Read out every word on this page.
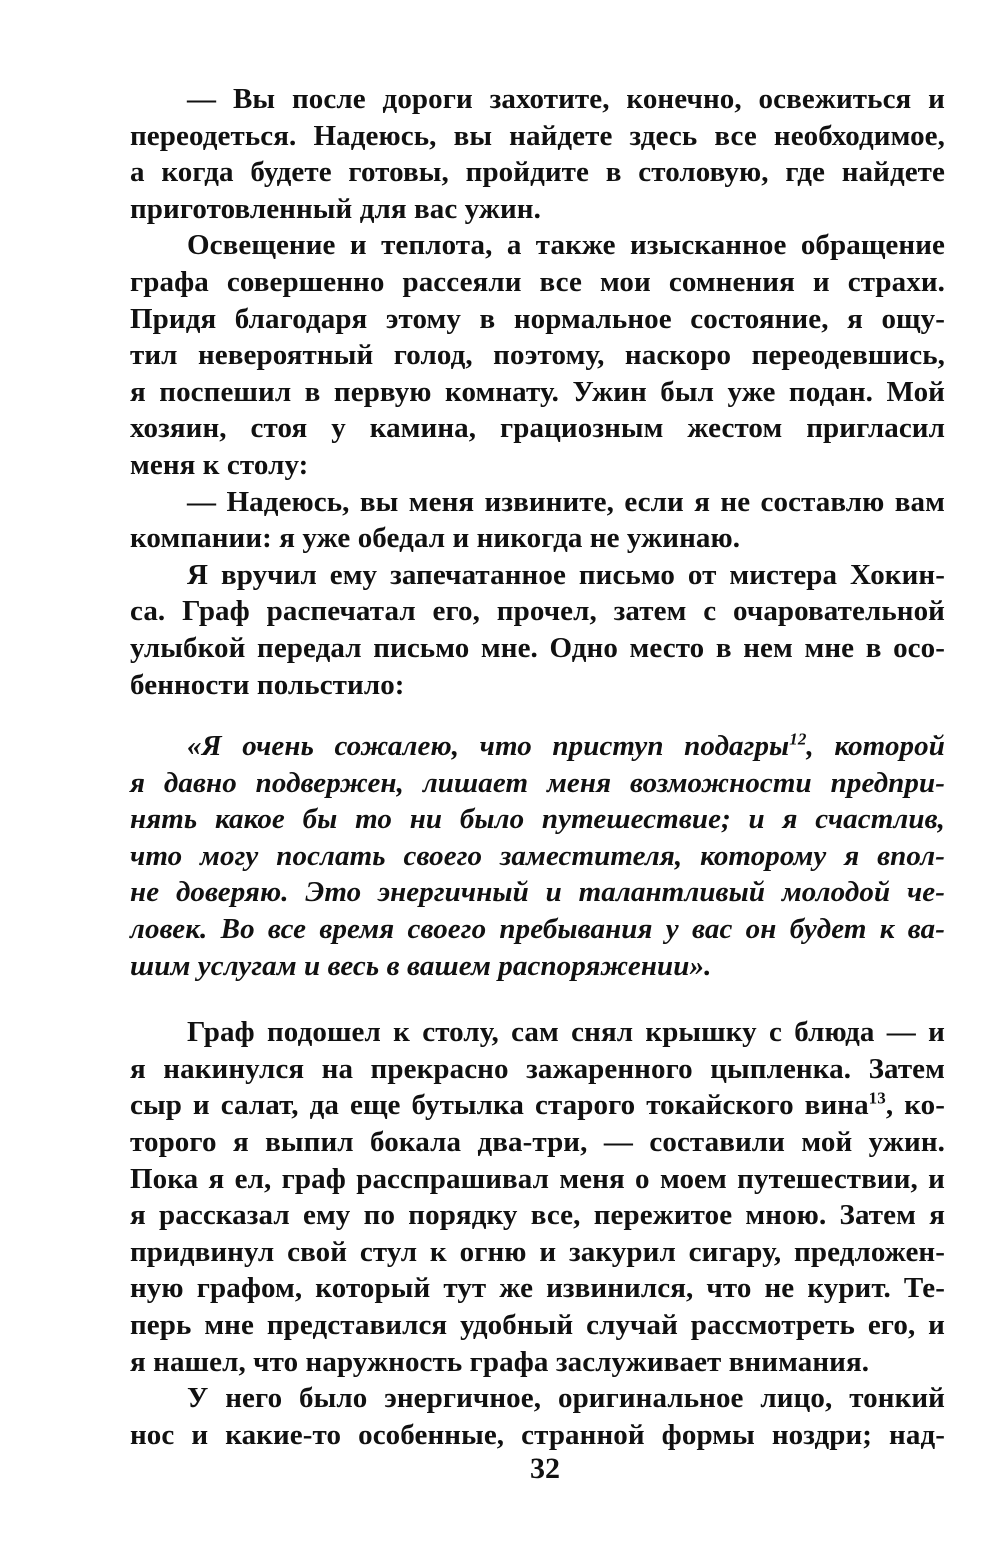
— Вы после дороги захотите, конечно, освежиться и
переодеться. Надеюсь, вы найдете здесь все необходимое,
а когда будете готовы, пройдите в столовую, где найдете
приготовленный для вас ужин.
Освещение и теплота, а также изысканное обращение
графа совершенно рассеяли все мои сомнения и страхи.
Придя благодаря этому в нормальное состояние, я ощу-
тил невероятный голод, поэтому, наскоро переодевшись,
я поспешил в первую комнату. Ужин был уже подан. Мой
хозяин, стоя у камина, грациозным жестом пригласил
меня к столу:
— Надеюсь, вы меня извините, если я не составлю вам
компании: я уже обедал и никогда не ужинаю.
Я вручил ему запечатанное письмо от мистера Хокин-
са. Граф распечатал его, прочел, затем с очаровательной
улыбкой передал письмо мне. Одно место в нем мне в осо-
бенности польстило:
«Я очень сожалею, что приступ подагры$^{12}$, которой
я давно подвержен, лишает меня возможности предпри-
нять какое бы то ни было путешествие; и я счастлив,
что могу послать своего заместителя, которому я впол-
не доверяю. Это энергичный и талантливый молодой че-
ловек. Во все время своего пребывания у вас он будет к ва-
шим услугам и весь в вашем распоряжении».
Граф подошел к столу, сам снял крышку с блюда — и
я накинулся на прекрасно зажаренного цыпленка. Затем
сыр и салат, да еще бутылка старого токайского вина$^{13}$, ко-
торого я выпил бокала два-три, — составили мой ужин.
Пока я ел, граф расспрашивал меня о моем путешествии, и
я рассказал ему по порядку все, пережитое мною. Затем я
придвинул свой стул к огню и закурил сигару, предложен-
ную графом, который тут же извинился, что не курит. Те-
перь мне представился удобный случай рассмотреть его, и
я нашел, что наружность графа заслуживает внимания.
У него было энергичное, оригинальное лицо, тонкий
нос и какие-то особенные, странной формы ноздри; над-
32
